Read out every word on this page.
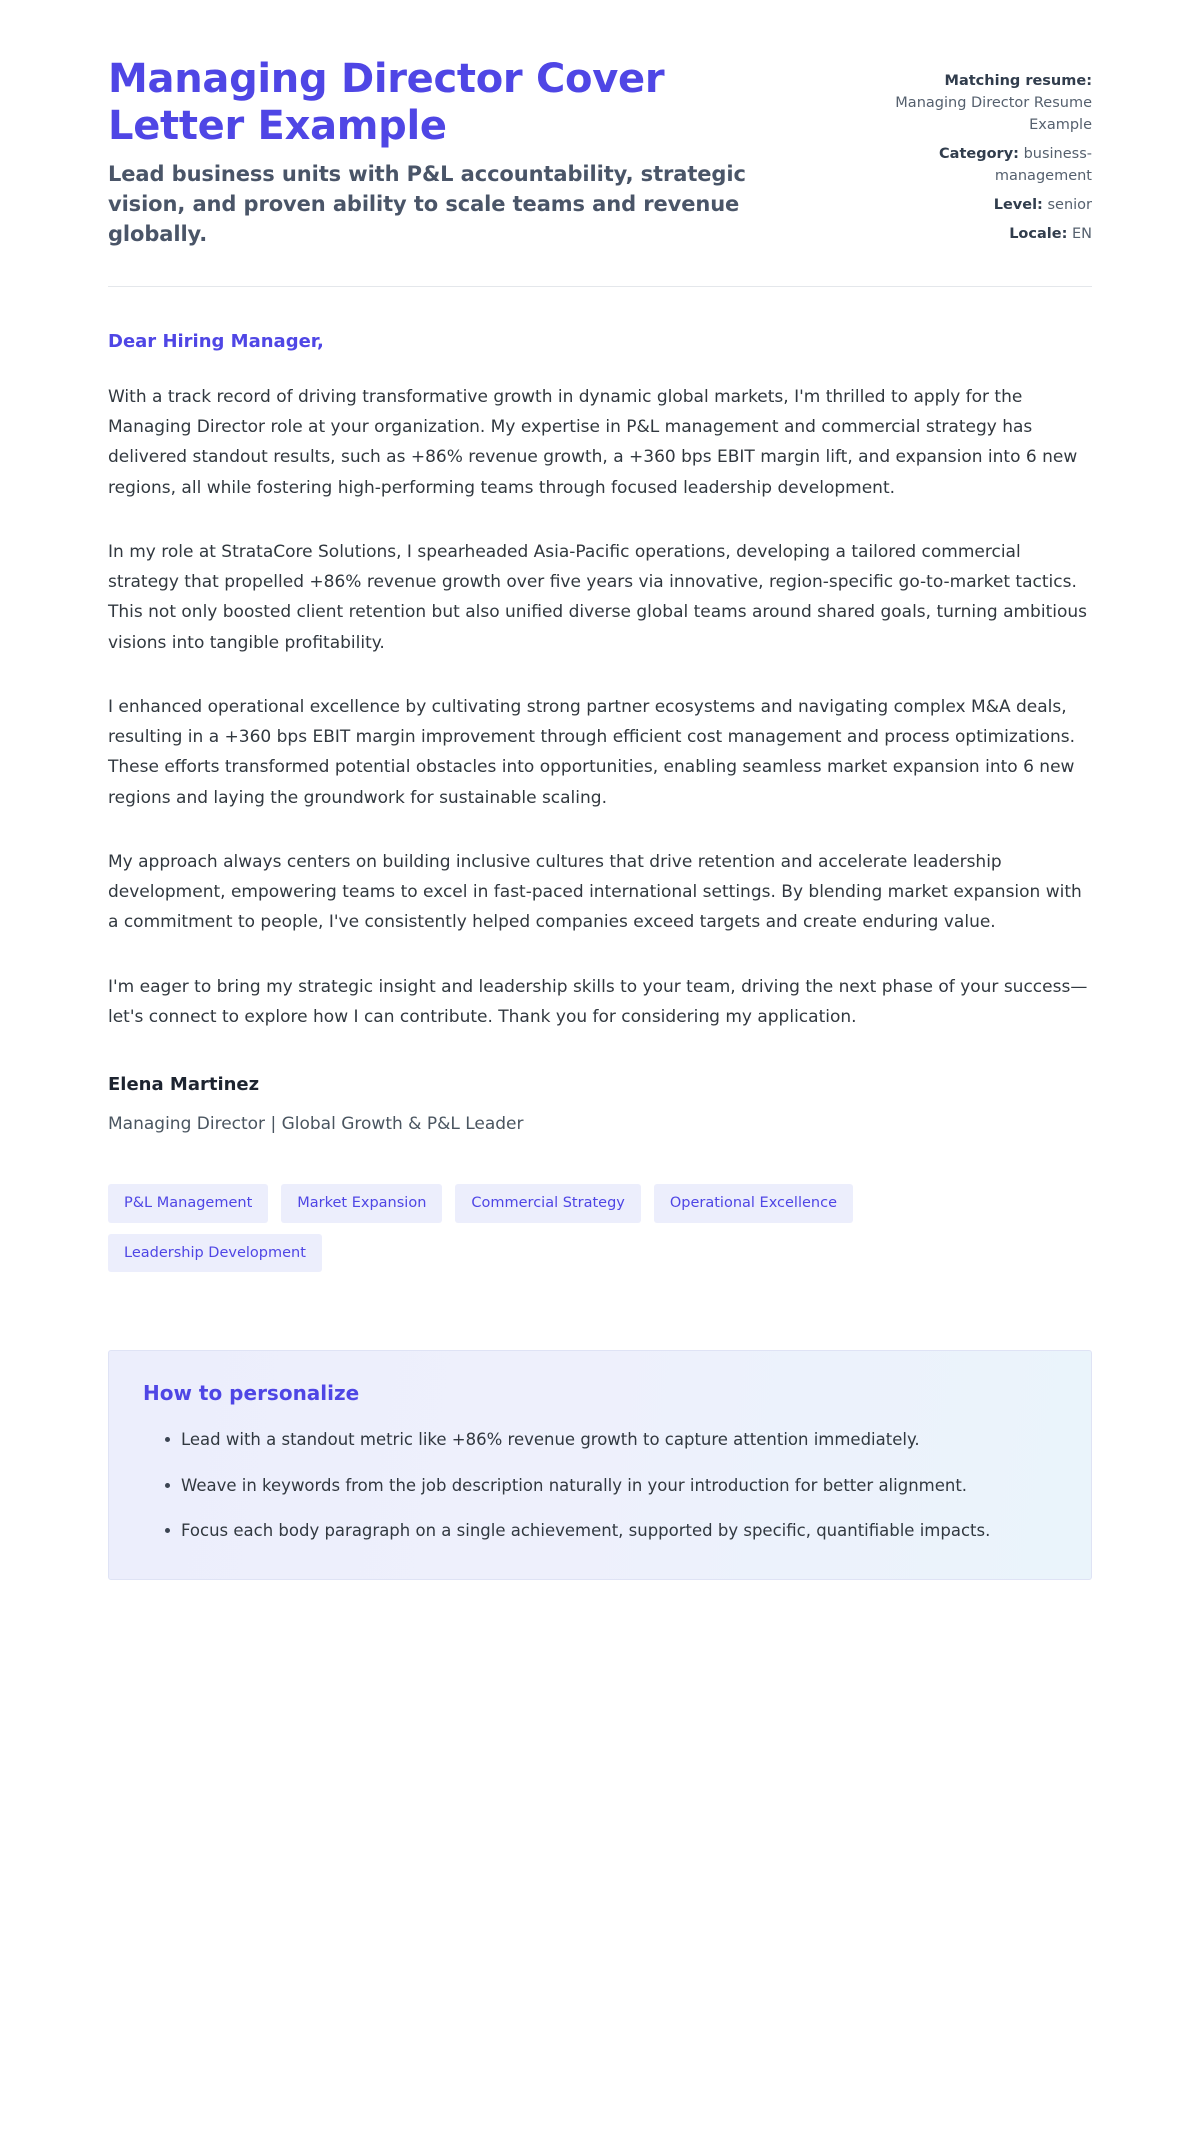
Managing Director Cover Letter Example

Lead business units with P&L accountability, strategic vision, and proven ability to scale teams and revenue globally.

Matching resume:
Managing Director Resume Example
Category: business-management
Level: senior
Locale: EN

Dear Hiring Manager,

With a track record of driving transformative growth in dynamic global markets, I'm thrilled to apply for the Managing Director role at your organization. My expertise in P&L management and commercial strategy has delivered standout results, such as +86% revenue growth, a +360 bps EBIT margin lift, and expansion into 6 new regions, all while fostering high-performing teams through focused leadership development.

In my role at StrataCore Solutions, I spearheaded Asia-Pacific operations, developing a tailored commercial strategy that propelled +86% revenue growth over five years via innovative, region-specific go-to-market tactics. This not only boosted client retention but also unified diverse global teams around shared goals, turning ambitious visions into tangible profitability.

I enhanced operational excellence by cultivating strong partner ecosystems and navigating complex M&A deals, resulting in a +360 bps EBIT margin improvement through efficient cost management and process optimizations. These efforts transformed potential obstacles into opportunities, enabling seamless market expansion into 6 new regions and laying the groundwork for sustainable scaling.

My approach always centers on building inclusive cultures that drive retention and accelerate leadership development, empowering teams to excel in fast-paced international settings. By blending market expansion with a commitment to people, I've consistently helped companies exceed targets and create enduring value.

I'm eager to bring my strategic insight and leadership skills to your team, driving the next phase of your success—let's connect to explore how I can contribute. Thank you for considering my application.

Elena Martinez

Managing Director | Global Growth & P&L Leader

P&L Management	Market Expansion	Commercial Strategy	Operational Excellence
Leadership Development
How to personalize
Lead with a standout metric like +86% revenue growth to capture attention immediately.
Weave in keywords from the job description naturally in your introduction for better alignment.
Focus each body paragraph on a single achievement, supported by specific, quantifiable impacts.
